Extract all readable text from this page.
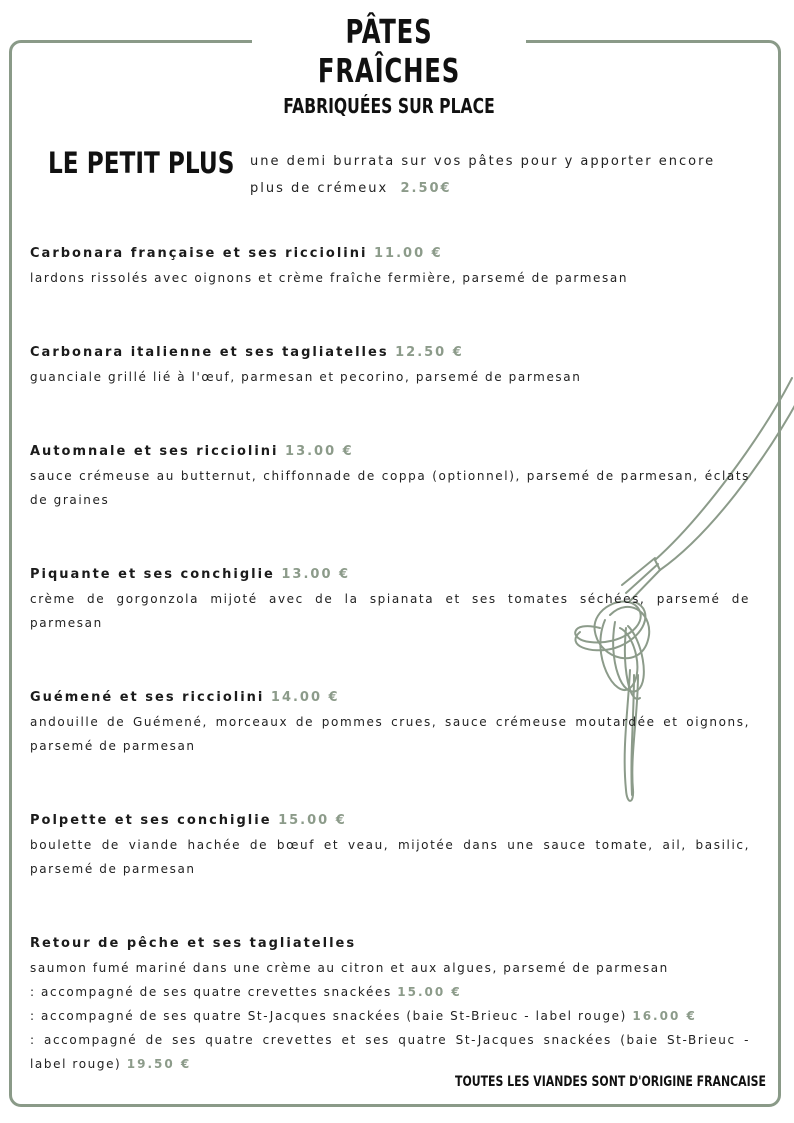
PÂTES FRAÎCHES
FABRIQUÉES SUR PLACE
LE PETIT PLUS une demi burrata sur vos pâtes pour y apporter encore plus de crémeux 2.50€
Carbonara française et ses ricciolini 11.00 €
lardons rissolés avec oignons et crème fraîche fermière, parsemé de parmesan
Carbonara italienne et ses tagliatelles 12.50 €
guanciale grillé lié à l'œuf, parmesan et pecorino, parsemé de parmesan
Automnale et ses ricciolini 13.00 €
sauce crémeuse au butternut, chiffonnade de coppa (optionnel), parsemé de parmesan, éclats de graines
Piquante et ses conchiglie 13.00 €
crème de gorgonzola mijoté avec de la spianata et ses tomates séchées, parsemé de parmesan
Guémené et ses ricciolini 14.00 €
andouille de Guémené, morceaux de pommes crues, sauce crémeuse moutardée et oignons, parsemé de parmesan
Polpette et ses conchiglie 15.00 €
boulette de viande hachée de bœuf et veau, mijotée dans une sauce tomate, ail, basilic, parsemé de parmesan
Retour de pêche et ses tagliatelles
saumon fumé mariné dans une crème au citron et aux algues, parsemé de parmesan
: accompagné de ses quatre crevettes snackées 15.00 €
: accompagné de ses quatre St-Jacques snackées (baie St-Brieuc - label rouge) 16.00 €
: accompagné de ses quatre crevettes et ses quatre St-Jacques snackées (baie St-Brieuc - label rouge) 19.50 €
TOUTES LES VIANDES SONT D'ORIGINE FRANCAISE
